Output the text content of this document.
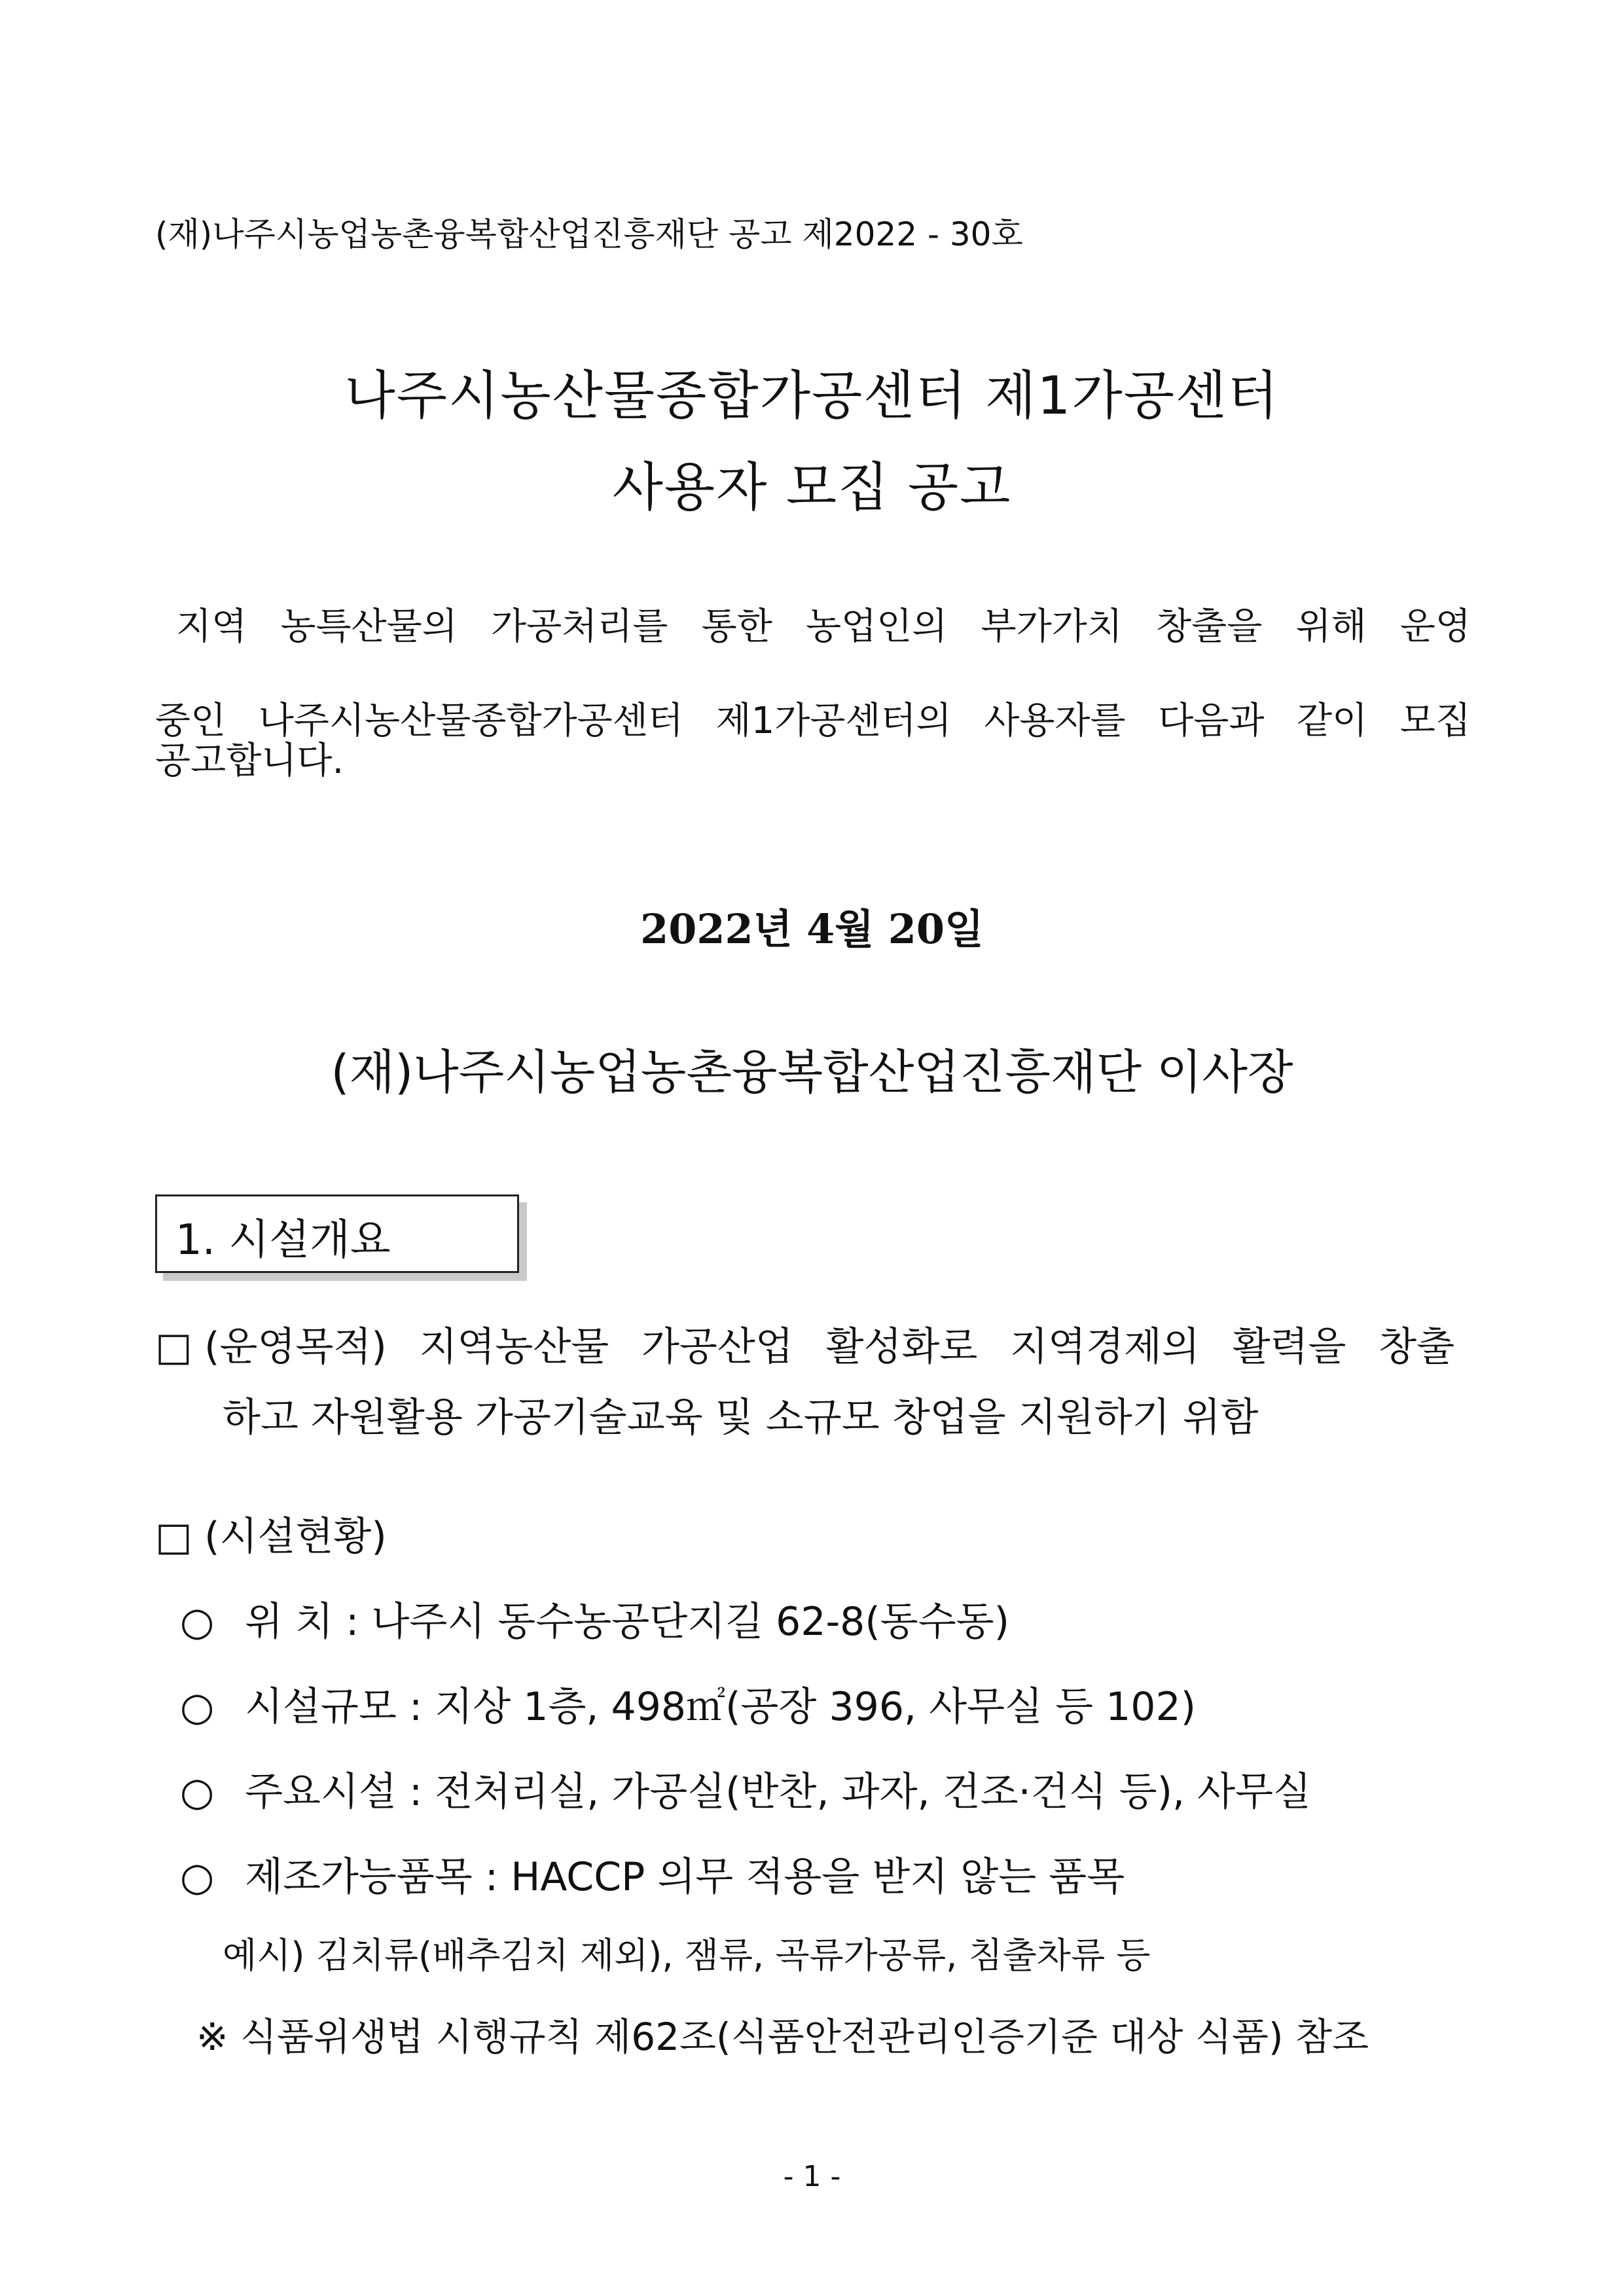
(재)나주시농업농촌융복합산업진흥재단 공고 제2022 - 30호
나주시농산물종합가공센터 제1가공센터
사용자 모집 공고
지역 농특산물의 가공처리를 통한 농업인의 부가가치 창출을 위해 운영
중인 나주시농산물종합가공센터 제1가공센터의 사용자를 다음과 같이 모집
공고합니다.
2022년 4월 20일
(재)나주시농업농촌융복합산업진흥재단 이사장
1. 시설개요
□ (운영목적) 지역농산물 가공산업 활성화로 지역경제의 활력을 창출
하고 자원활용 가공기술교육 및 소규모 창업을 지원하기 위함
□ (시설현황)
○ 위 치 : 나주시 동수농공단지길 62-8(동수동)
○ 시설규모 : 지상 1층, 498㎡(공장 396, 사무실 등 102)
○ 주요시설 : 전처리실, 가공실(반찬, 과자, 건조·건식 등), 사무실
○ 제조가능품목 : HACCP 의무 적용을 받지 않는 품목
예시) 김치류(배추김치 제외), 잼류, 곡류가공류, 침출차류 등
※ 식품위생법 시행규칙 제62조(식품안전관리인증기준 대상 식품) 참조
- 1 -
